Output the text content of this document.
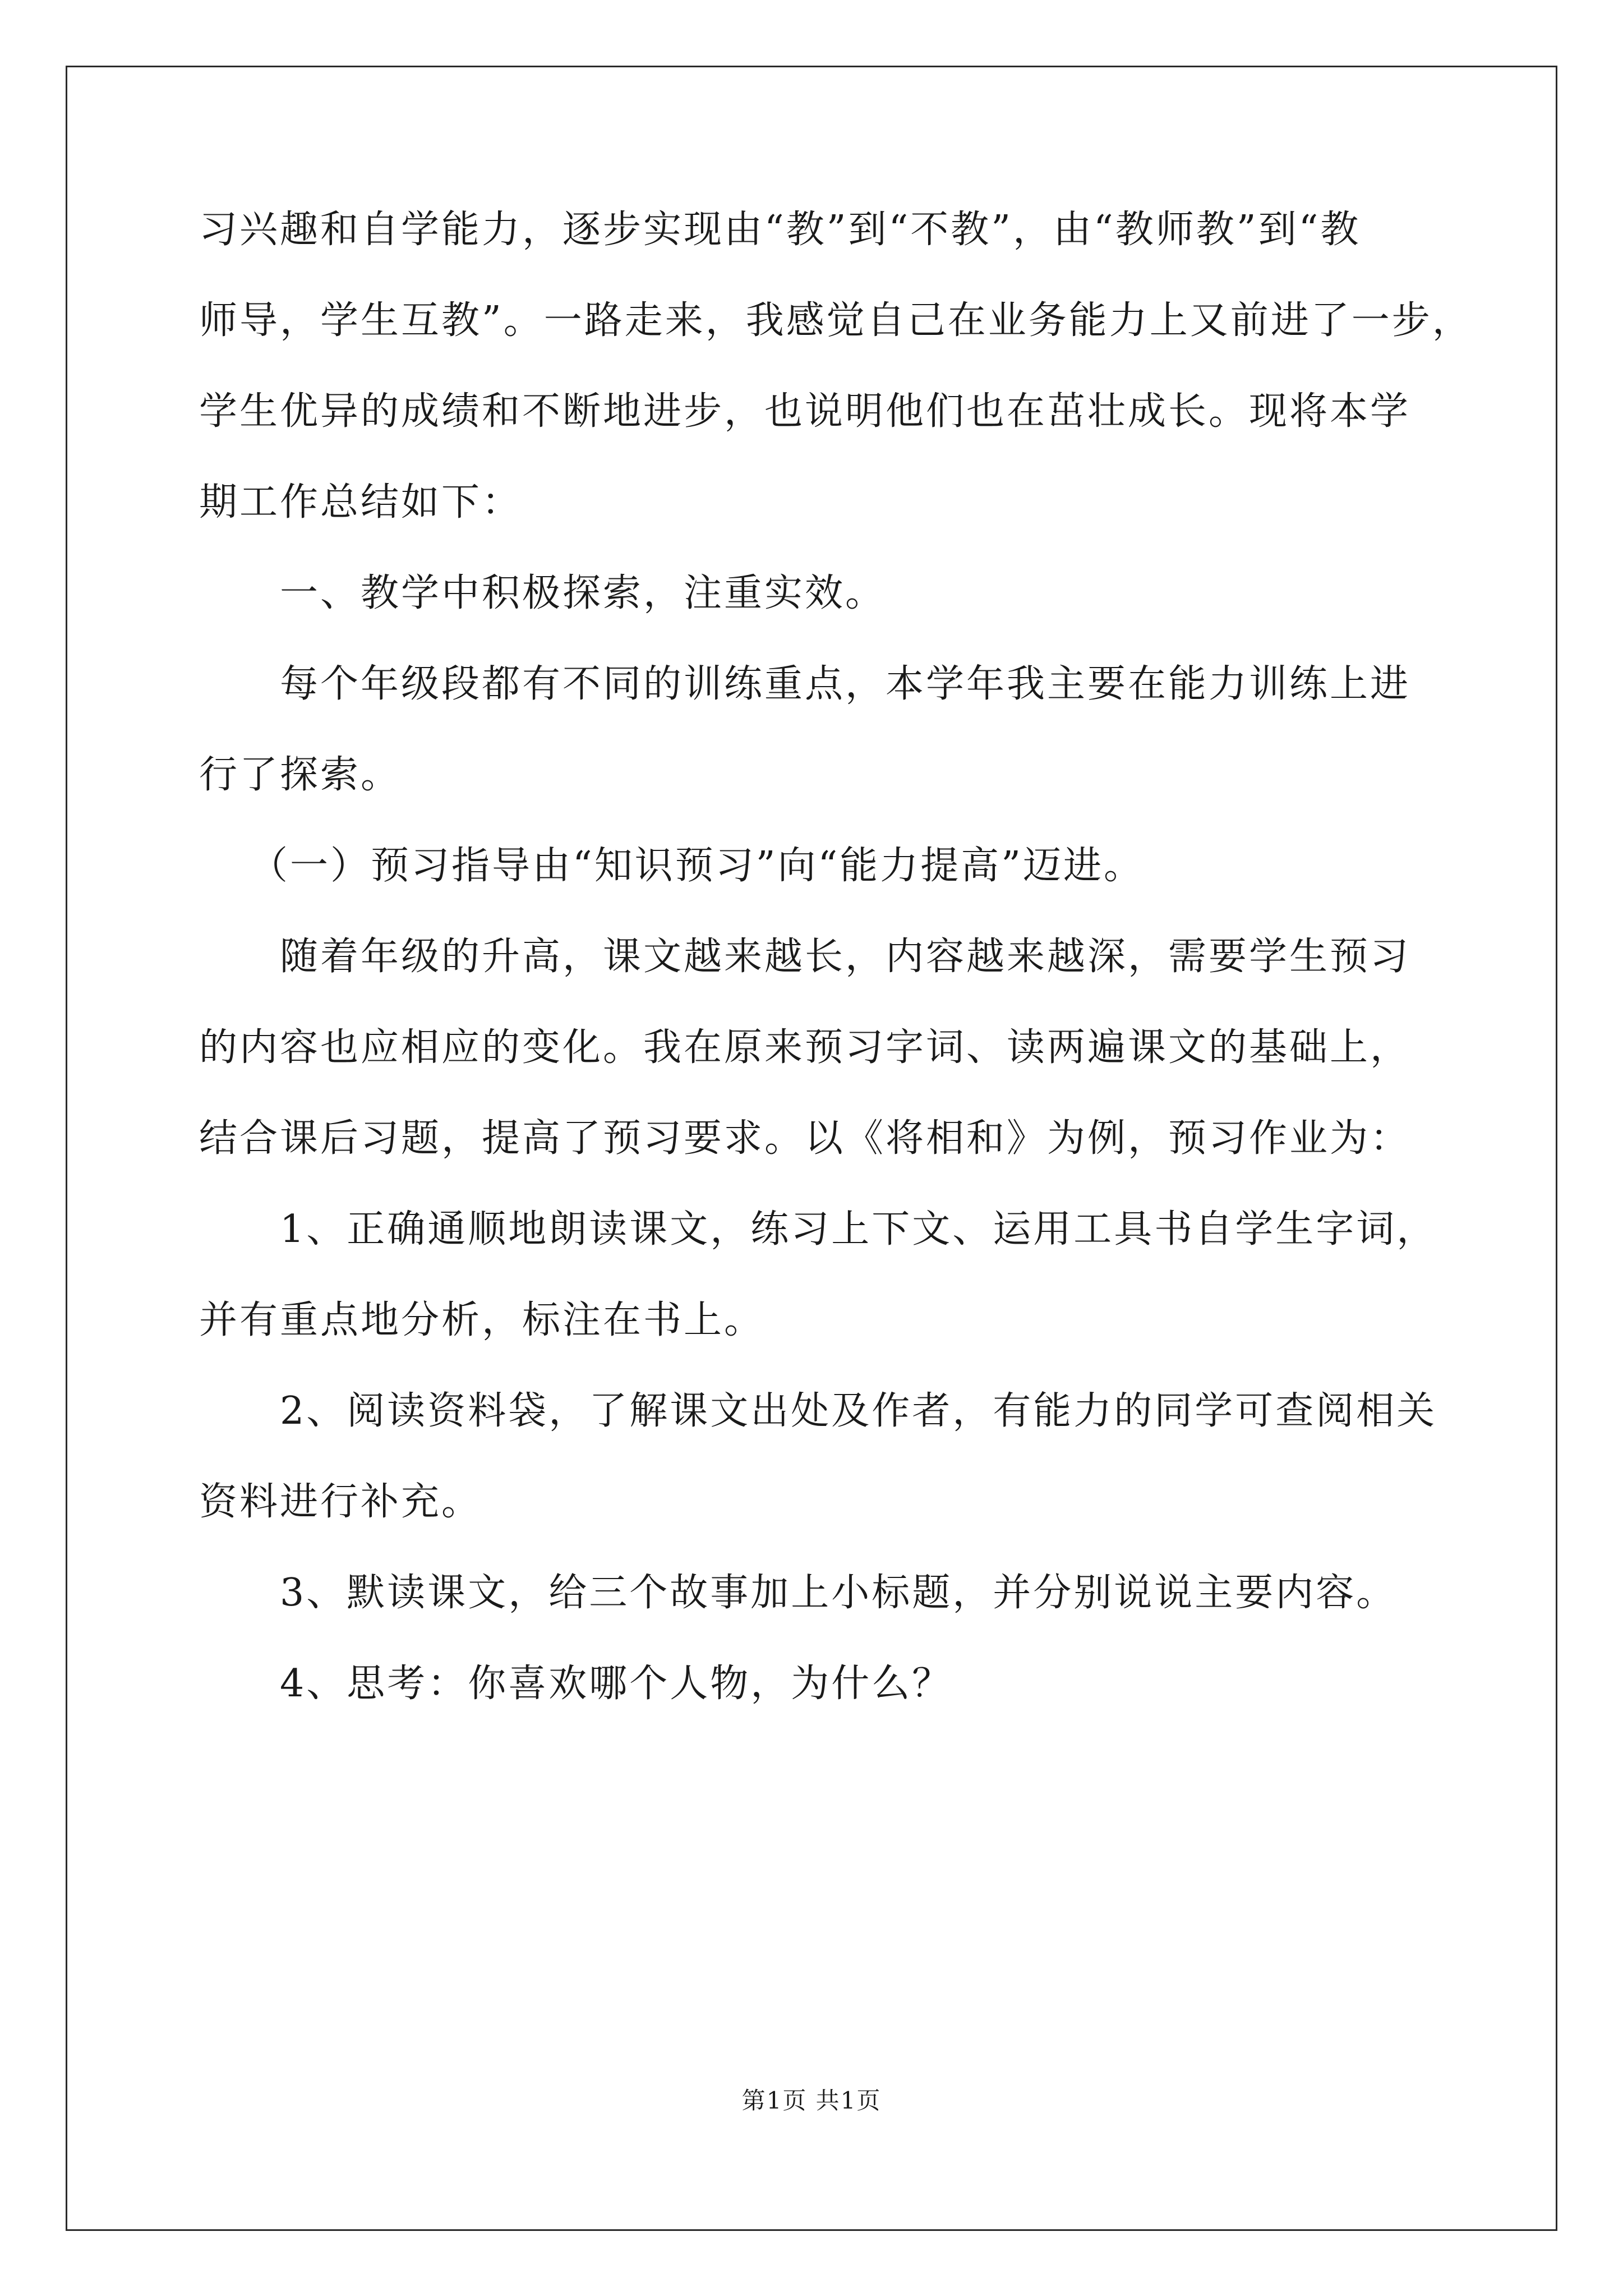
习兴趣和自学能力，逐步实现由“教”到“不教”，由“教师教”到“教
师导，学生互教”。一路走来，我感觉自己在业务能力上又前进了一步，
学生优异的成绩和不断地进步，也说明他们也在茁壮成长。现将本学
期工作总结如下：
一、教学中积极探索，注重实效。
每个年级段都有不同的训练重点，本学年我主要在能力训练上进
行了探索。
（一）预习指导由“知识预习”向“能力提高”迈进。
随着年级的升高，课文越来越长，内容越来越深，需要学生预习
的内容也应相应的变化。我在原来预习字词、读两遍课文的基础上，
结合课后习题，提高了预习要求。以《将相和》为例，预习作业为：
1、正确通顺地朗读课文，练习上下文、运用工具书自学生字词，
并有重点地分析，标注在书上。
2、阅读资料袋，了解课文出处及作者，有能力的同学可查阅相关
资料进行补充。
3、默读课文，给三个故事加上小标题，并分别说说主要内容。
4、思考：你喜欢哪个人物，为什么？
第1页 共1页
